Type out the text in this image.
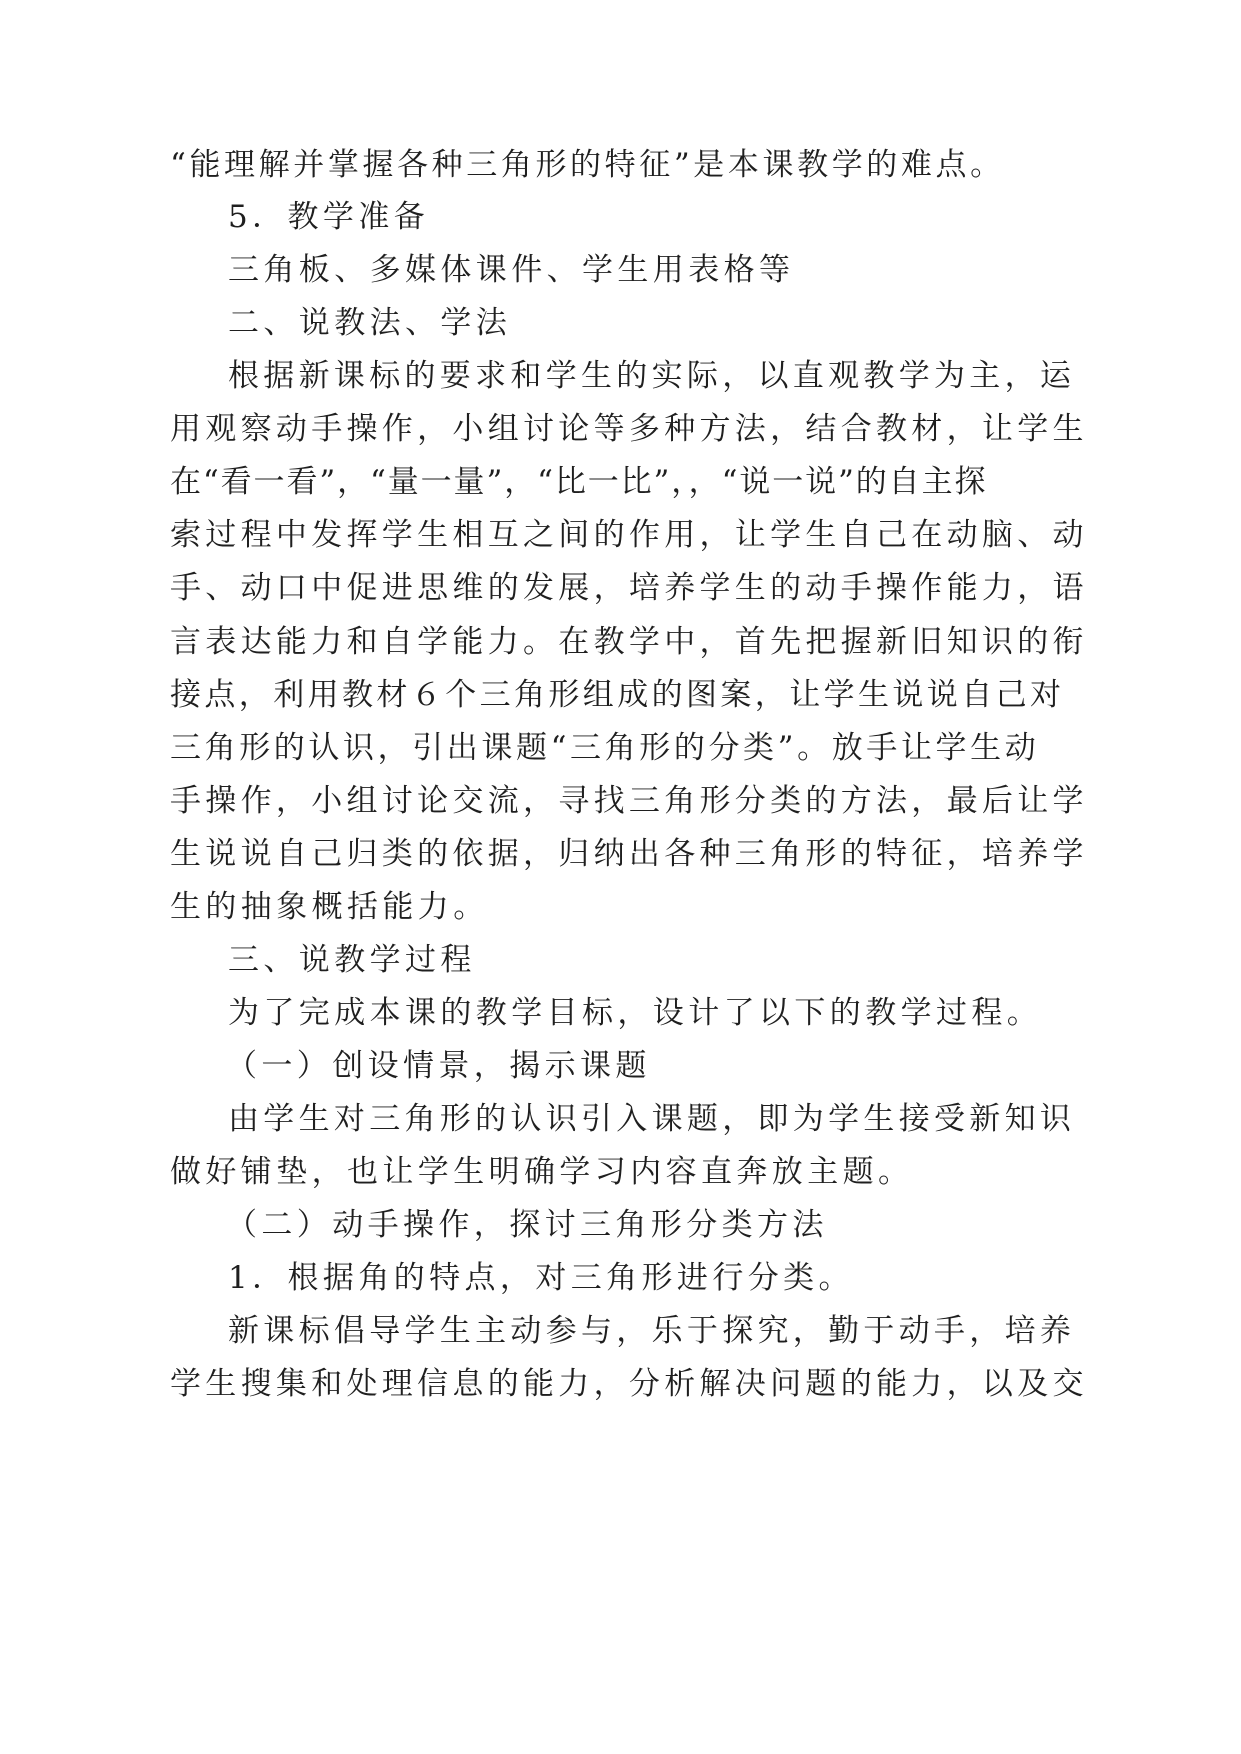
“能理解并掌握各种三角形的特征”是本课教学的难点。
5．教学准备
三角板、多媒体课件、学生用表格等
二、说教法、学法
根据新课标的要求和学生的实际，以直观教学为主，运
用观察动手操作，小组讨论等多种方法，结合教材，让学生
在“看一看”，“量一量”，“比一比”，，“说一说”的自主探
索过程中发挥学生相互之间的作用，让学生自己在动脑、动
手、动口中促进思维的发展，培养学生的动手操作能力，语
言表达能力和自学能力。在教学中，首先把握新旧知识的衔
接点，利用教材６个三角形组成的图案，让学生说说自己对
三角形的认识，引出课题“三角形的分类”。放手让学生动
手操作，小组讨论交流，寻找三角形分类的方法，最后让学
生说说自己归类的依据，归纳出各种三角形的特征，培养学
生的抽象概括能力。
三、说教学过程
为了完成本课的教学目标，设计了以下的教学过程。
（一）创设情景，揭示课题
由学生对三角形的认识引入课题，即为学生接受新知识
做好铺垫，也让学生明确学习内容直奔放主题。
（二）动手操作，探讨三角形分类方法
1．根据角的特点，对三角形进行分类。
新课标倡导学生主动参与，乐于探究，勤于动手，培养
学生搜集和处理信息的能力，分析解决问题的能力，以及交
